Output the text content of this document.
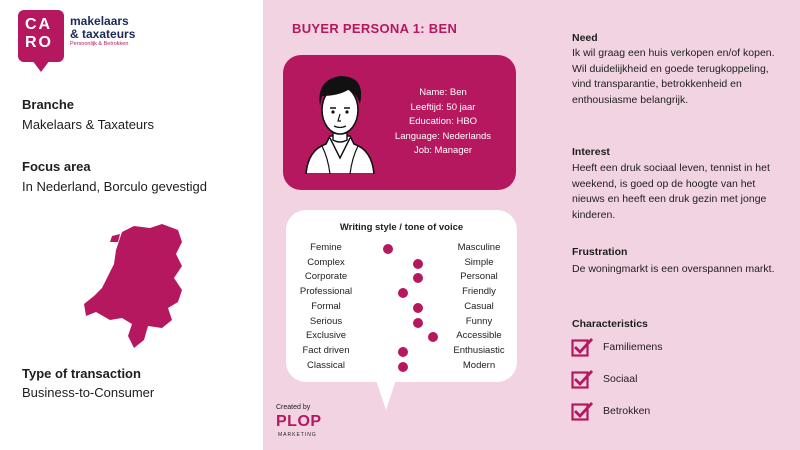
CA
RO
makelaars
& taxateurs
Persoonlijk & Betrokken
Branche
Makelaars & Taxateurs
Focus area
In Nederland, Borculo gevestigd
Type of transaction
Business-to-Consumer
BUYER PERSONA 1: BEN
Name: Ben
Leeftijd: 50 jaar
Education: HBO
Language: Nederlands
Job: Manager
Writing style / tone of voice
Femine	Masculine
Complex	Simple
Corporate	Personal
Professional	Friendly
Formal	Casual
Serious	Funny
Exclusive	Accessible
Fact driven	Enthusiastic
Classical	Modern
Created by
PLOP
MARKETING
Need
Ik wil graag een huis verkopen en/of kopen. Wil duidelijkheid en goede terugkoppeling, vind transparantie, betrokkenheid en enthousiasme belangrijk.
Interest
Heeft een druk sociaal leven, tennist in het weekend, is goed op de hoogte van het nieuws en heeft een druk gezin met jonge kinderen.
Frustration
De woningmarkt is een overspannen markt.
Characteristics
Familiemens
Sociaal
Betrokken
